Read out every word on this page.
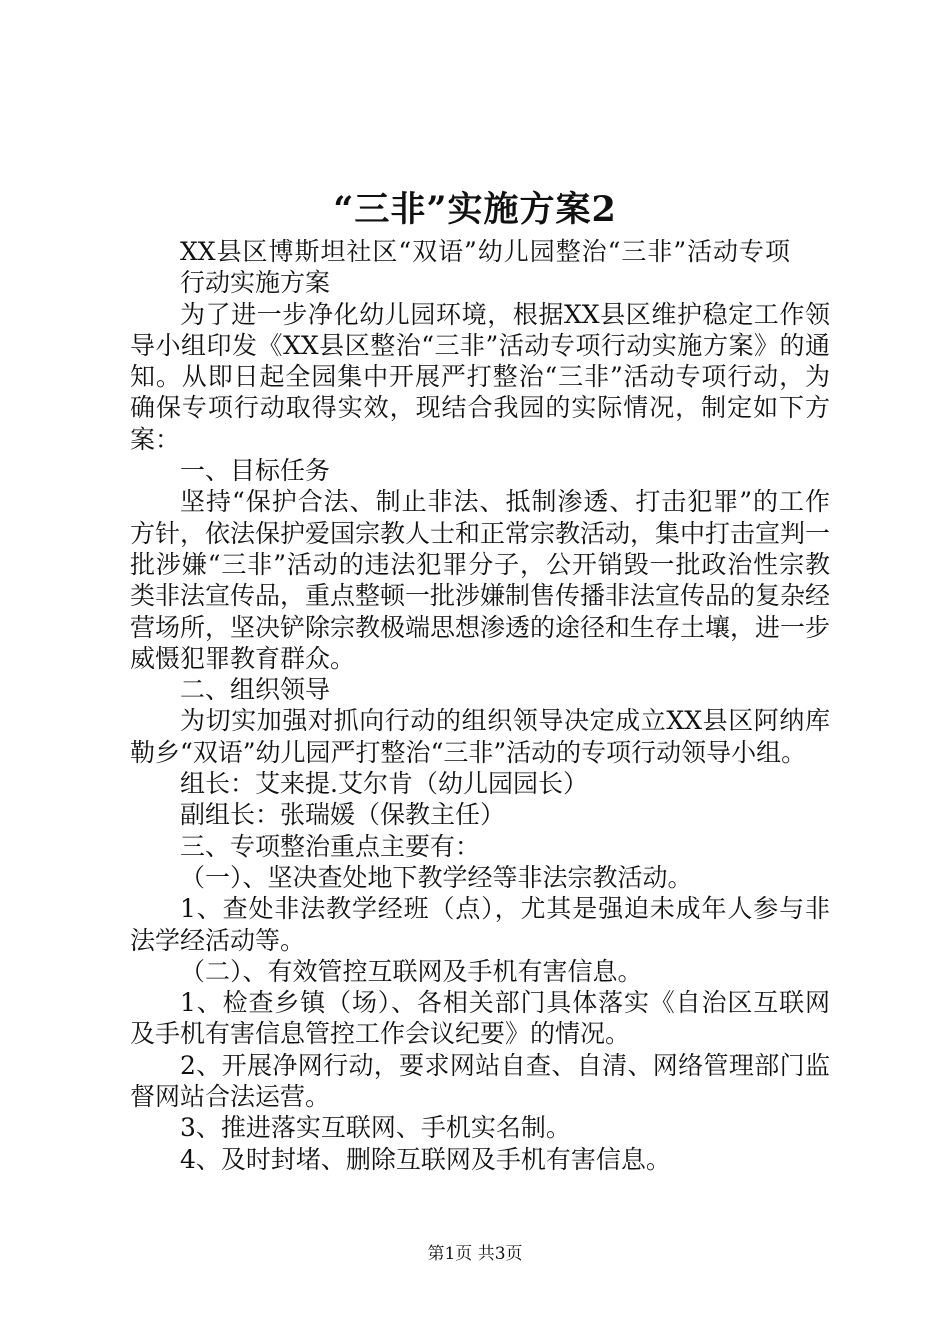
“三非”实施方案2

XX县区博斯坦社区“双语”幼儿园整治“三非”活动专项行动实施方案

为了进一步净化幼儿园环境，根据XX县区维护稳定工作领导小组印发《XX县区整治“三非”活动专项行动实施方案》的通知。从即日起全园集中开展严打整治“三非”活动专项行动，为确保专项行动取得实效，现结合我园的实际情况，制定如下方案：

一、目标任务

坚持“保护合法、制止非法、抵制渗透、打击犯罪”的工作方针，依法保护爱国宗教人士和正常宗教活动，集中打击宣判一批涉嫌“三非”活动的违法犯罪分子，公开销毁一批政治性宗教类非法宣传品，重点整顿一批涉嫌制售传播非法宣传品的复杂经营场所，坚决铲除宗教极端思想渗透的途径和生存土壤，进一步威慑犯罪教育群众。

二、组织领导

为切实加强对抓向行动的组织领导决定成立XX县区阿纳库勒乡“双语”幼儿园严打整治“三非”活动的专项行动领导小组。

组长：艾来提.艾尔肯（幼儿园园长）

副组长：张瑞媛（保教主任）

三、专项整治重点主要有：

（一）、坚决查处地下教学经等非法宗教活动。

1、查处非法教学经班（点），尤其是强迫未成年人参与非法学经活动等。

（二）、有效管控互联网及手机有害信息。

1、检查乡镇（场）、各相关部门具体落实《自治区互联网及手机有害信息管控工作会议纪要》的情况。

2、开展净网行动，要求网站自查、自清、网络管理部门监督网站合法运营。

3、推进落实互联网、手机实名制。

4、及时封堵、删除互联网及手机有害信息。

第1页 共3页
